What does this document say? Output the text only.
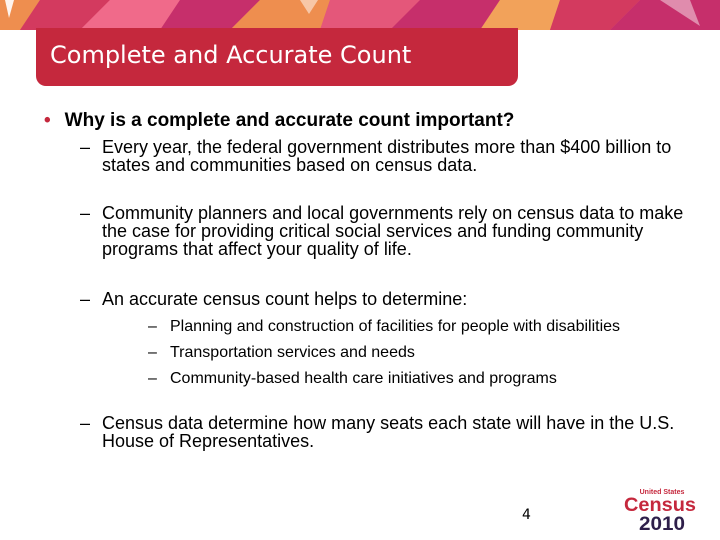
Complete and Accurate Count
• Why is a complete and accurate count important?
– Every year, the federal government distributes more than $400 billion to states and communities based on census data.
– Community planners and local governments rely on census data to make the case for providing critical social services and funding community programs that affect your quality of life.
– An accurate census count helps to determine:
– Planning and construction of facilities for people with disabilities
– Transportation services and needs
– Community-based health care initiatives and programs
– Census data determine how many seats each state will have in the U.S. House of Representatives.
4
United States
Census
2010
